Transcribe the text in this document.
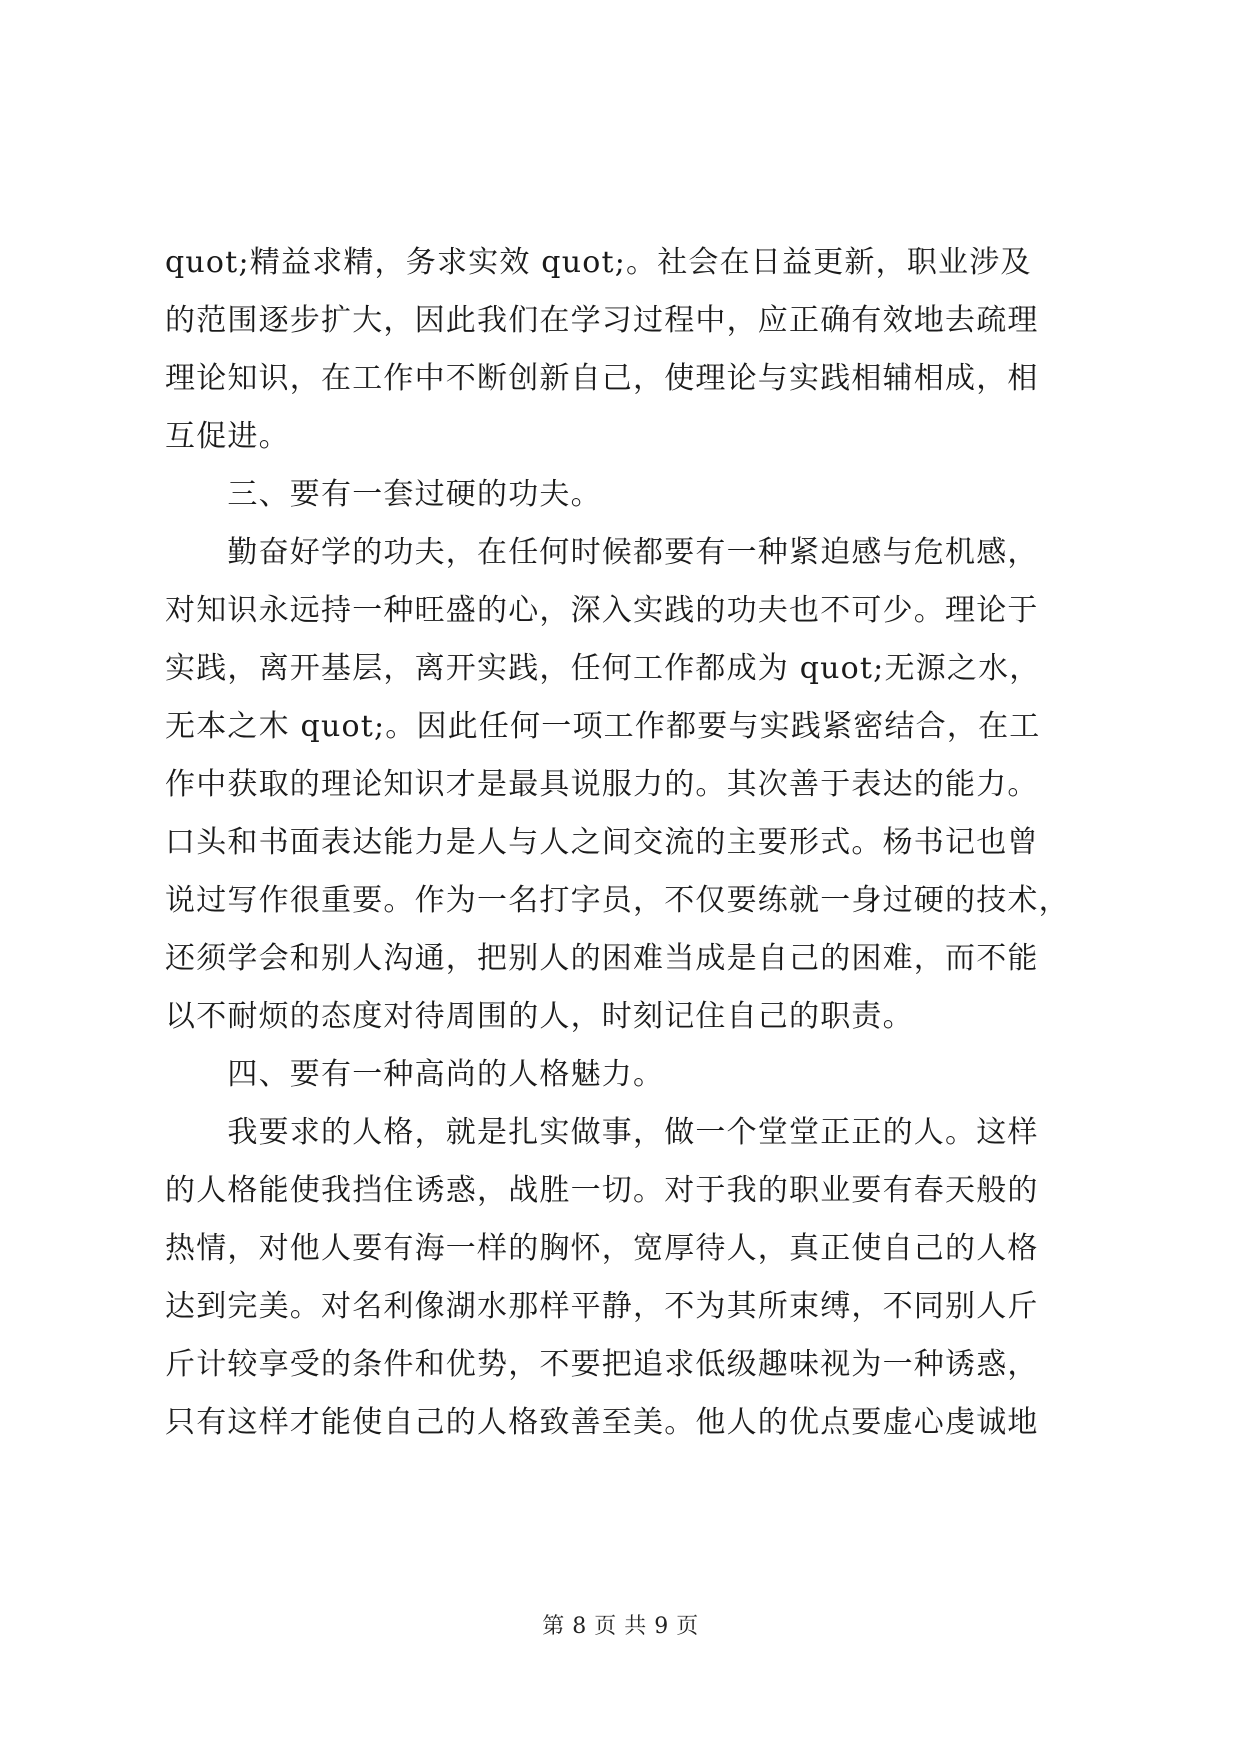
quot;精益求精，务求实效 quot;。社会在日益更新，职业涉及

的范围逐步扩大，因此我们在学习过程中，应正确有效地去疏理

理论知识，在工作中不断创新自己，使理论与实践相辅相成，相

互促进。

　　三、要有一套过硬的功夫。

　　勤奋好学的功夫，在任何时候都要有一种紧迫感与危机感，

对知识永远持一种旺盛的心，深入实践的功夫也不可少。理论于

实践，离开基层，离开实践，任何工作都成为 quot;无源之水，

无本之木 quot;。因此任何一项工作都要与实践紧密结合，在工

作中获取的理论知识才是最具说服力的。其次善于表达的能力。

口头和书面表达能力是人与人之间交流的主要形式。杨书记也曾

说过写作很重要。作为一名打字员，不仅要练就一身过硬的技术，

还须学会和别人沟通，把别人的困难当成是自己的困难，而不能

以不耐烦的态度对待周围的人，时刻记住自己的职责。

　　四、要有一种高尚的人格魅力。

　　我要求的人格，就是扎实做事，做一个堂堂正正的人。这样

的人格能使我挡住诱惑，战胜一切。对于我的职业要有春天般的

热情，对他人要有海一样的胸怀，宽厚待人，真正使自己的人格

达到完美。对名利像湖水那样平静，不为其所束缚，不同别人斤

斤计较享受的条件和优势，不要把追求低级趣味视为一种诱惑，

只有这样才能使自己的人格致善至美。他人的优点要虚心虔诚地

第 8 页 共 9 页
